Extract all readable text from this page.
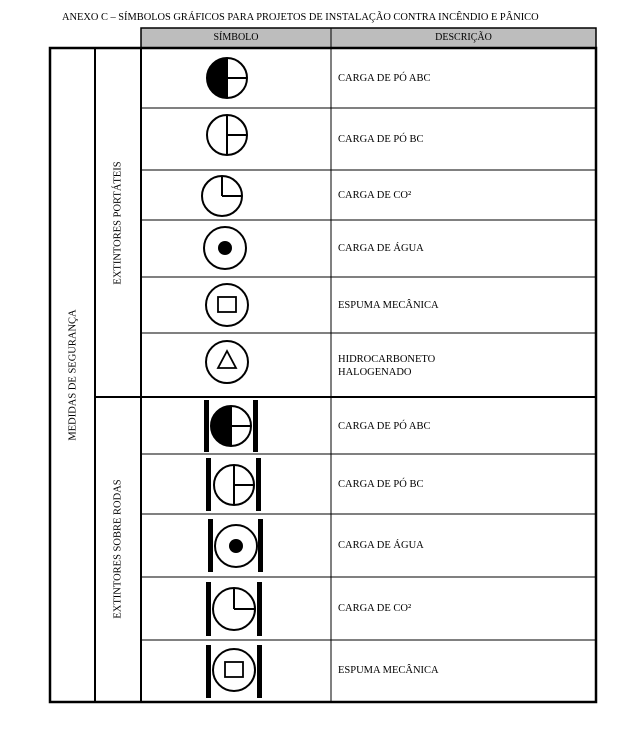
ANEXO C – SÍMBOLOS GRÁFICOS PARA PROJETOS DE INSTALAÇÃO CONTRA INCÊNDIO E PÂNICO
SÍMBOLO	DESCRIÇÃO
MEDIDAS DE SEGURANÇA
EXTINTORES PORTÁTEIS
EXTINTORES SOBRE RODAS
CARGA DE PÓ ABC
CARGA DE PÓ BC
CARGA DE CO²
CARGA DE ÁGUA
ESPUMA MECÂNICA
HIDROCARBONETO HALOGENADO
CARGA DE PÓ ABC
CARGA DE PÓ BC
CARGA DE ÁGUA
CARGA DE CO²
ESPUMA MECÂNICA
